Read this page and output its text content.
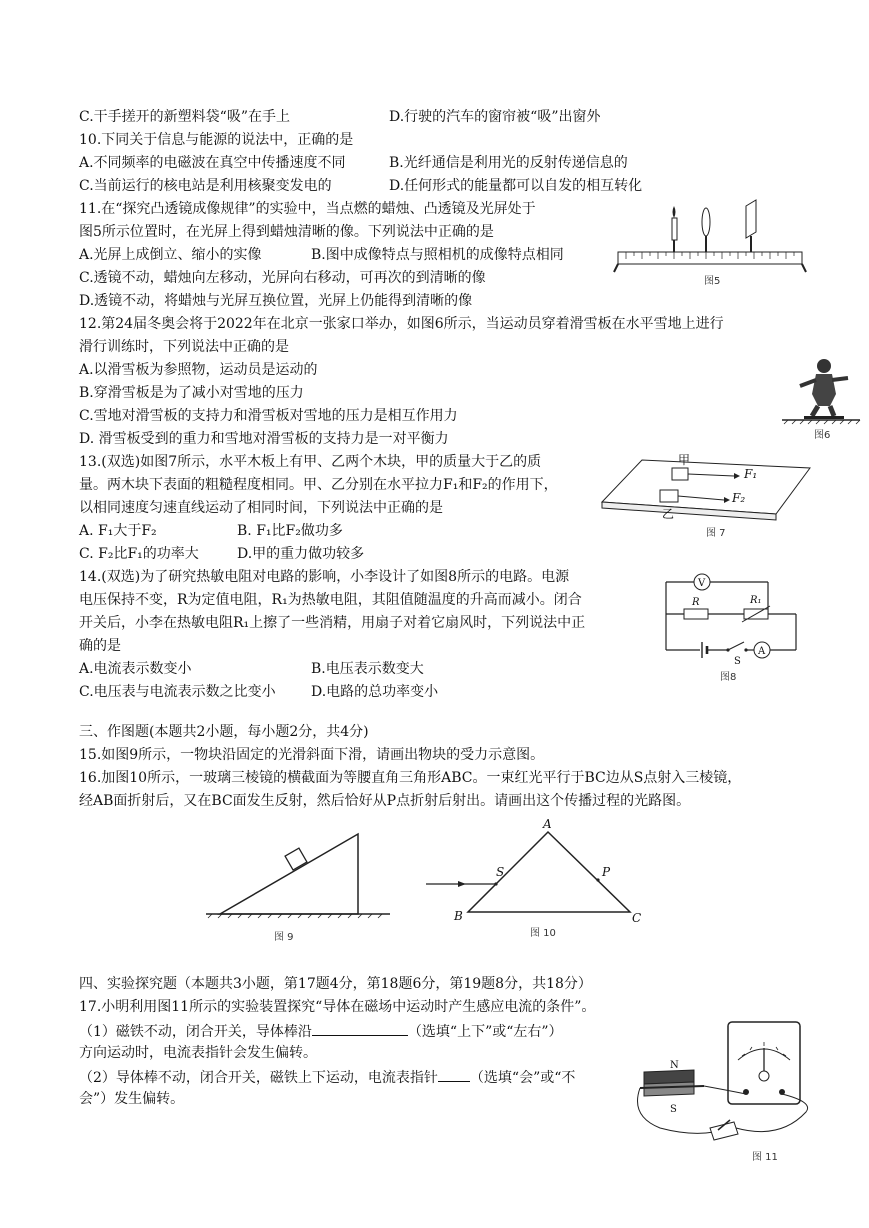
C.干手搓开的新塑料袋“吸”在手上	D.行驶的汽车的窗帘被“吸”出窗外
10.下同关于信息与能源的说法中，正确的是
A.不同频率的电磁波在真空中传播速度不同	B.光纤通信是利用光的反射传递信息的
C.当前运行的核电站是利用核聚变发电的	D.任何形式的能量都可以自发的相互转化
11.在“探究凸透镜成像规律”的实验中，当点燃的蜡烛、凸透镜及光屏处于
图5所示位置时，在光屏上得到蜡烛清晰的像。下列说法中正确的是
A.光屏上成倒立、缩小的实像	B.图中成像特点与照相机的成像特点相同
C.透镜不动，蜡烛向左移动，光屏向右移动，可再次的到清晰的像
D.透镜不动，将蜡烛与光屏互换位置，光屏上仍能得到清晰的像
图5
12.第24届冬奥会将于2022年在北京一张家口举办，如图6所示，当运动员穿着滑雪板在水平雪地上进行
滑行训练时，下列说法中正确的是
A.以滑雪板为参照物，运动员是运动的
B.穿滑雪板是为了减小对雪地的压力
C.雪地对滑雪板的支持力和滑雪板对雪地的压力是相互作用力
D. 滑雪板受到的重力和雪地对滑雪板的支持力是一对平衡力	图6
13.(双选)如图7所示，水平木板上有甲、乙两个木块，甲的质量大于乙的质
量。两木块下表面的粗糙程度相同。甲、乙分别在水平拉力F₁和F₂的作用下，
以相同速度匀速直线运动了相同时间，下列说法中正确的是
A. F₁大于F₂	B. F₁比F₂做功多
C. F₂比F₁的功率大	D.甲的重力做功较多
甲
F₁
F₂
乙
图 7
14.(双选)为了研究热敏电阻对电路的影响，小李设计了如图8所示的电路。电源
电压保持不变，R为定值电阻，R₁为热敏电阻，其阻值随温度的升高而减小。闭合
开关后，小李在热敏电阻R₁上擦了一些消精，用扇子对着它扇风时，下列说法中正
确的是
A.电流表示数变小	B.电压表示数变大
C.电压表与电流表示数之比变小	D.电路的总功率变小
V
R	R₁
S
A
图8
三、作图题(本题共2小题，每小题2分，共4分)
15.如图9所示，一物块沿固定的光滑斜面下滑，请画出物块的受力示意图。
16.加图10所示，一玻璃三棱镜的横截面为等腰直角三角形ABC。一束红光平行于BC边从S点射入三棱镜，
经AB面折射后，又在BC面发生反射，然后恰好从P点折射后射出。请画出这个传播过程的光路图。
图 9
A
B	C
S	P
图 10
四、实验探究题（本题共3小题，第17题4分，第18题6分，第19题8分，共18分）
17.小明利用图11所示的实验装置探究“导体在磁场中运动时产生感应电流的条件”。
（1）磁铁不动，闭合开关，导体棒沿	（选填“上下”或“左右”）
方向运动时，电流表指针会发生偏转。
（2）导体棒不动，闭合开关，磁铁上下运动，电流表指针 （选填“会”或“不
会”）发生偏转。
N
S
图 11
